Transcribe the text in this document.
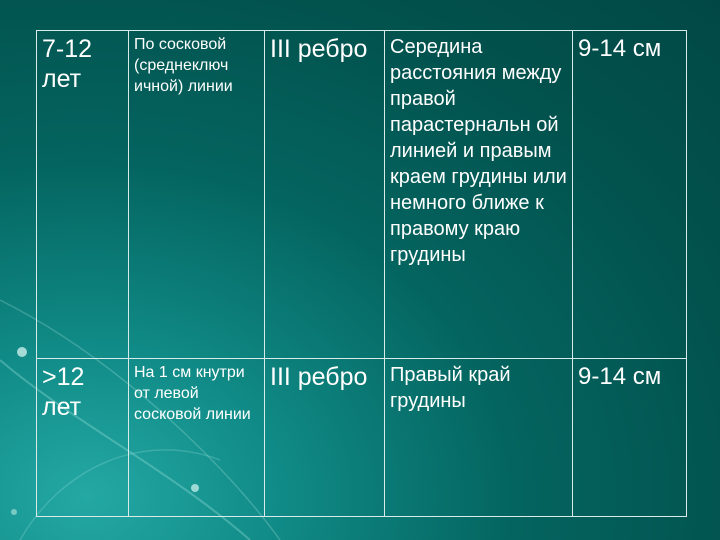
7-12 лет	По сосковой (среднеключ ичной) линии	III ребро	Середина расстояния между правой парастернальн ой линией и правым краем грудины или немного ближе к правому краю грудины	9-14 см
>12 лет	На 1 см кнутри от левой сосковой линии	III ребро	Правый край грудины	9-14 см
